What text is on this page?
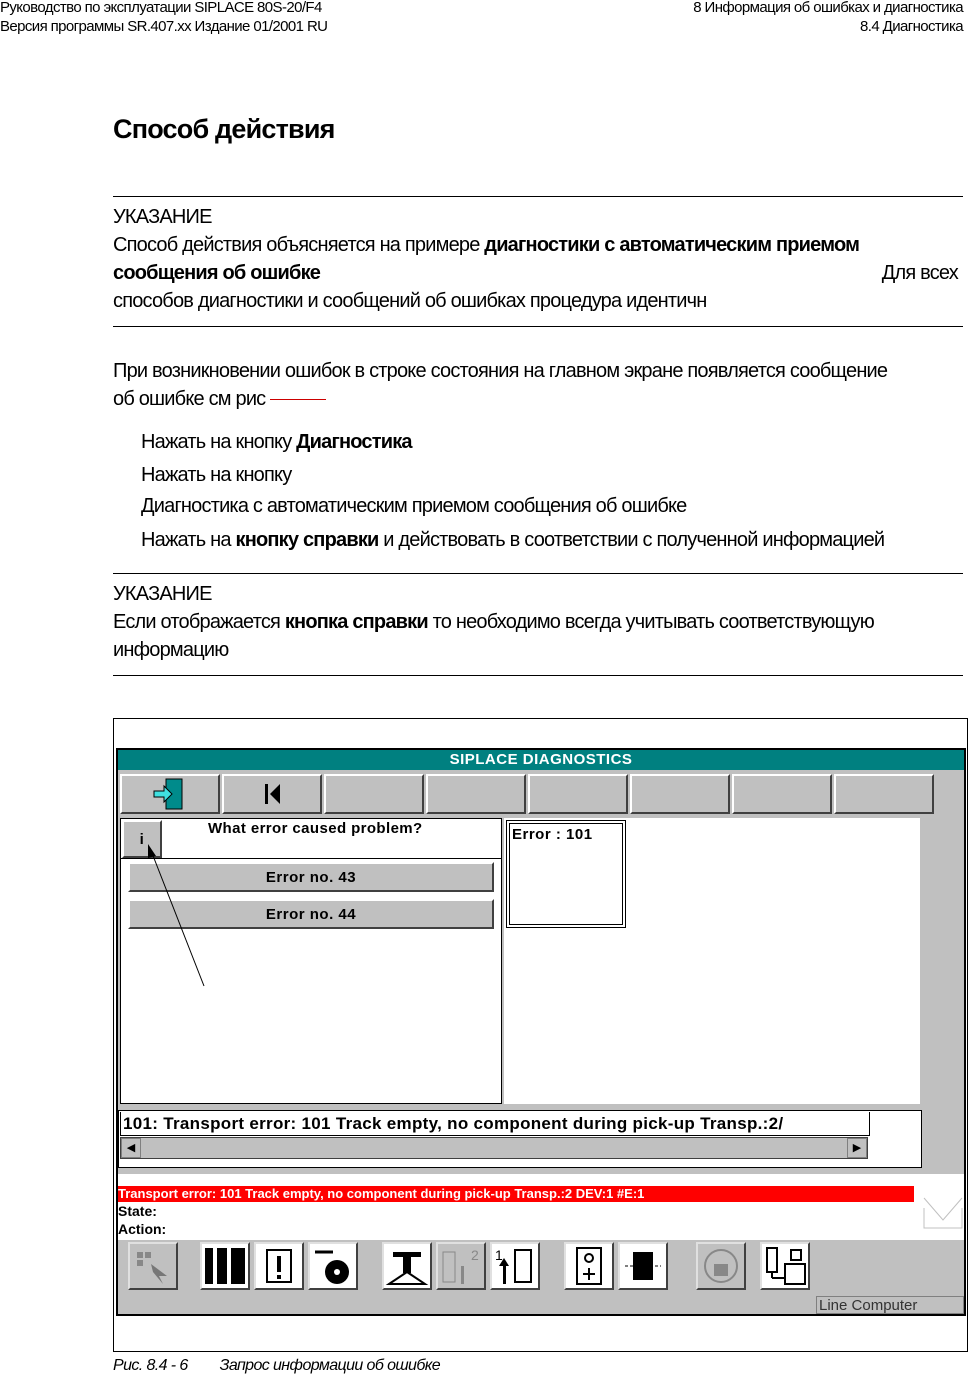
Руководство по эксплуатации SIPLACE 80S-20/F4
Версия программы SR.407.xx Издание 01/2001 RU
8 Информация об ошибках и диагностика
8.4 Диагностика
Способ действия
УКАЗАНИЕ
Способ действия объясняется на примере диагностики с автоматическим приемом
сообщения об ошибке	Для всех
способов диагностики и сообщений об ошибках процедура идентичн
При возникновении ошибок в строке состояния на главном экране появляется сообщение
об ошибке см рис
Нажать на кнопку Диагностика
Нажать на кнопку
Диагностика с автоматическим приемом сообщения об ошибке
Нажать на кнопку справки и действовать в соответствии с полученной информацией
УКАЗАНИЕ
Если отображается кнопка справки то необходимо всегда учитывать соответствующую
информацию
SIPLACE DIAGNOSTICS
What error caused problem?
i
Error no. 43
Error no. 44
Error : 101
101: Transport error: 101 Track empty, no component during pick-up Transp.:2/
◀	▶
Transport error: 101 Track empty, no component during pick-up Transp.:2 DEV:1 #E:1
State:
Action:
2 1
Line Computer
Рис. 8.4 - 6 Запрос информации об ошибке
